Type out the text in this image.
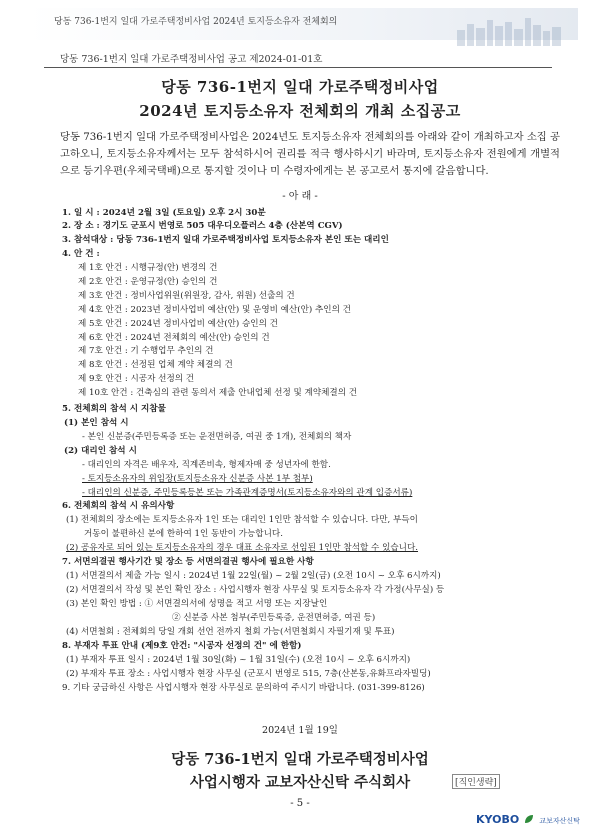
당동 736-1번지 일대 가로주택정비사업 2024년 토지등소유자 전체회의
당동 736-1번지 일대 가로주택정비사업 공고 제2024-01-01호
당동 736-1번지 일대 가로주택정비사업
2024년 토지등소유자 전체회의 개최 소집공고

당동 736-1번지 일대 가로주택정비사업은 2024년도 토지등소유자 전체회의를 아래와 같이 개최하고자 소집 공고하오니, 토지등소유자께서는 모두 참석하시어 권리를 적극 행사하시기 바라며, 토지등소유자 전원에게 개별적으로 등기우편(우체국택배)으로 통지할 것이나 미 수령자에게는 본 공고로서 통지에 갈음합니다.

- 아 래 -
1. 일 시 : 2024년 2월 3일 (토요일) 오후 2시 30분
2. 장 소 : 경기도 군포시 번영로 505 대우디오플러스 4층 (산본역 CGV)
3. 참석대상 : 당동 736-1번지 일대 가로주택정비사업 토지등소유자 본인 또는 대리인
4. 안 건 :
제 1호 안건 : 시행규정(안) 변경의 건
제 2호 안건 : 운영규정(안) 승인의 건
제 3호 안건 : 정비사업위원(위원장, 감사, 위원) 선출의 건
제 4호 안건 : 2023년 정비사업비 예산(안) 및 운영비 예산(안) 추인의 건
제 5호 안건 : 2024년 정비사업비 예산(안) 승인의 건
제 6호 안건 : 2024년 전체회의 예산(안) 승인의 건
제 7호 안건 : 기 수행업무 추인의 건
제 8호 안건 : 선정된 업체 계약 체결의 건
제 9호 안건 : 시공자 선정의 건
제 10호 안건 : 건축심의 관련 동의서 제출 안내업체 선정 및 계약체결의 건
5. 전체회의 참석 시 지참물
(1) 본인 참석 시
- 본인 신분증(주민등록증 또는 운전면허증, 여권 중 1개), 전체회의 책자
(2) 대리인 참석 시
- 대리인의 자격은 배우자, 직계존비속, 형제자매 중 성년자에 한함.
- 토지등소유자의 위임장(토지등소유자 신분증 사본 1부 첨부)
- 대리인의 신분증, 주민등록등본 또는 가족관계증명서(토지등소유자와의 관계 입증서류)
6. 전체회의 참석 시 유의사항
(1) 전체회의 장소에는 토지등소유자 1인 또는 대리인 1인만 참석할 수 있습니다. 다만, 부득이
거동이 불편하신 분에 한하여 1인 동반이 가능합니다.
(2) 공유자로 되어 있는 토지등소유자의 경우 대표 소유자로 선임된 1인만 참석할 수 있습니다.
7. 서면의결권 행사기간 및 장소 등 서면의결권 행사에 필요한 사항
(1) 서면결의서 제출 가능 일시 : 2024년 1월 22일(월) ~ 2월 2일(금) (오전 10시 ~ 오후 6시까지)
(2) 서면결의서 작성 및 본인 확인 장소 : 사업시행자 현장 사무실 및 토지등소유자 각 가정(사무실) 등
(3) 본인 확인 방법 : ① 서면결의서에 성명을 적고 서명 또는 지장날인
② 신분증 사본 첨부(주민등록증, 운전면허증, 여권 등)
(4) 서면철회 : 전체회의 당일 개회 선언 전까지 철회 가능(서면철회시 자필기재 및 투표)
8. 부재자 투표 안내 (제9호 안건: "시공자 선정의 건" 에 한함)
(1) 부재자 투표 일시 : 2024년 1월 30일(화) ~ 1월 31일(수) (오전 10시 ~ 오후 6시까지)
(2) 부재자 투표 장소 : 사업시행자 현장 사무실 (군포시 번영로 515, 7층(산본동,유화프라자빌딩)
9. 기타 궁금하신 사항은 사업시행자 현장 사무실로 문의하여 주시기 바랍니다. (031-399-8126)
2024년 1월 19일
당동 736-1번지 일대 가로주택정비사업
사업시행자 교보자산신탁 주식회사	[직인생략]
- 5 -
KYOBO	교보자산신탁
